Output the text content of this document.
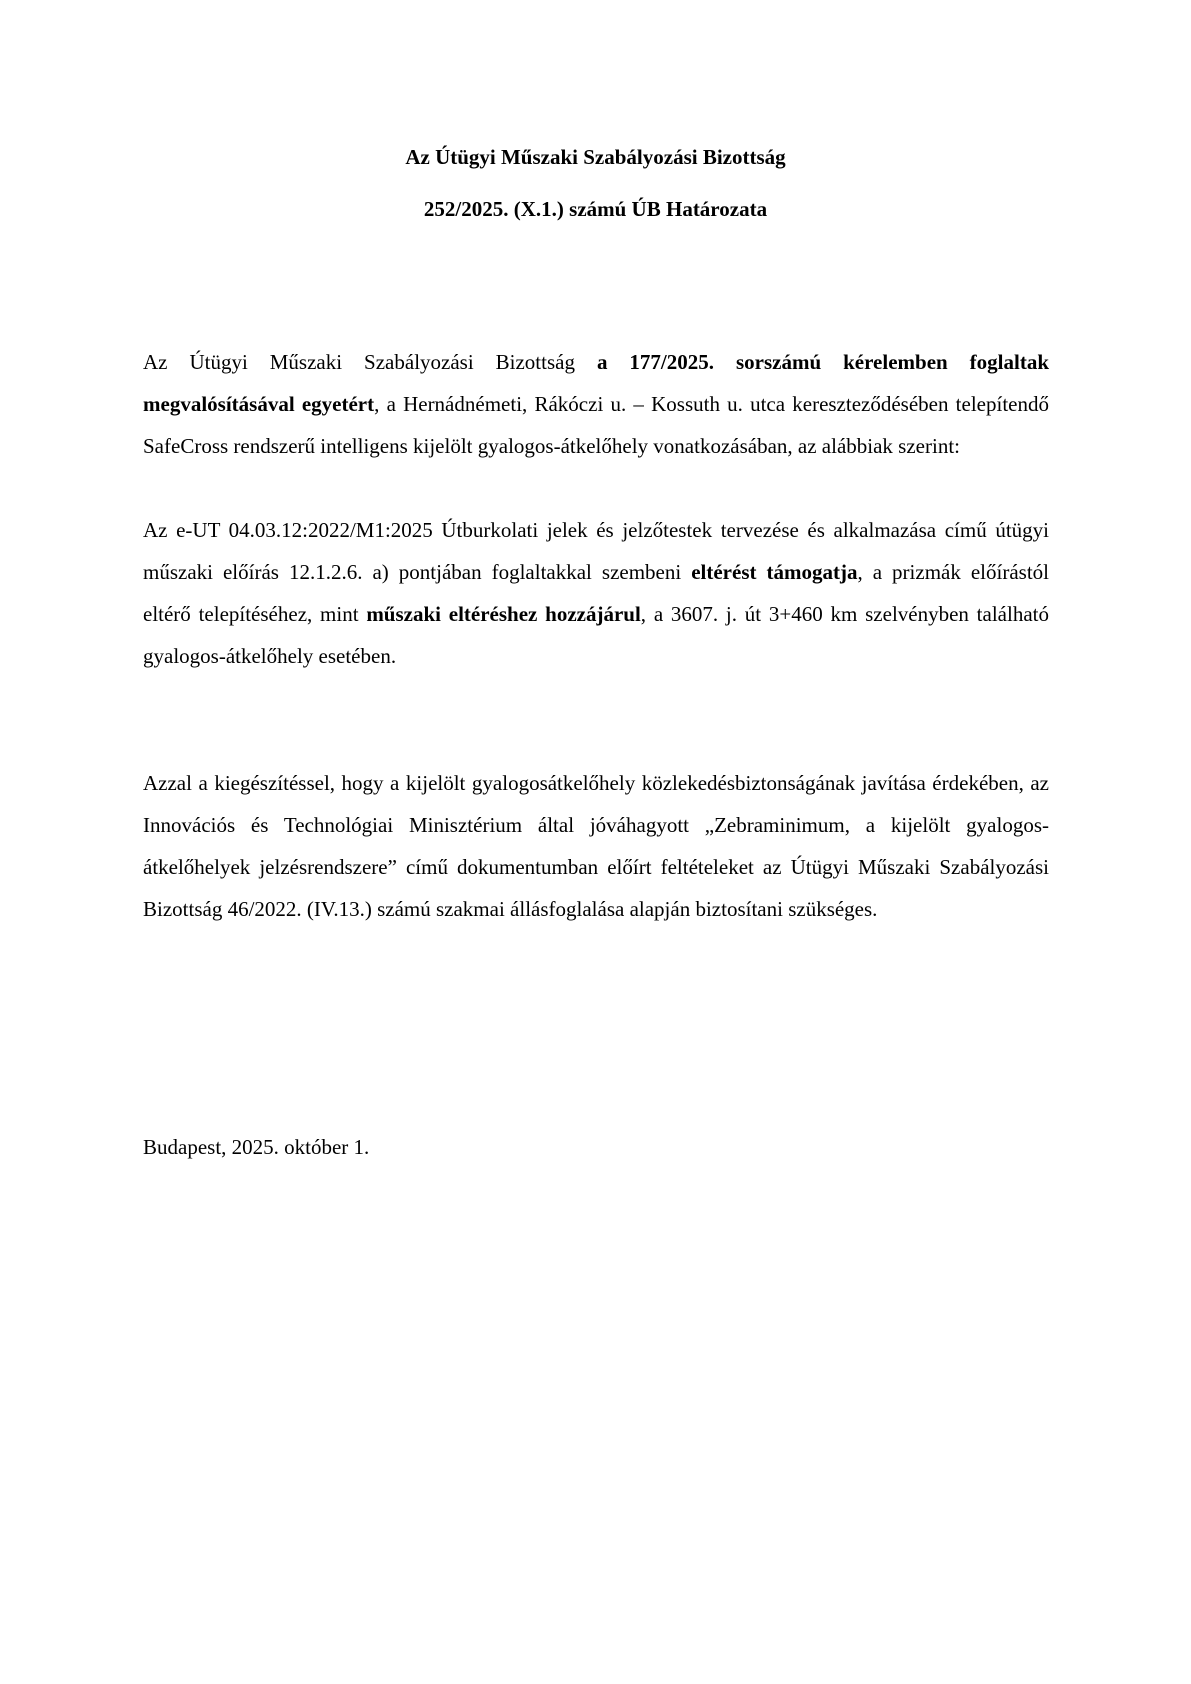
Az Útügyi Műszaki Szabályozási Bizottság

252/2025. (X.1.) számú ÚB Határozata

Az Útügyi Műszaki Szabályozási Bizottság a 177/2025. sorszámú kérelemben foglaltak megvalósításával egyetért, a Hernádnémeti, Rákóczi u. – Kossuth u. utca kereszteződésében telepítendő SafeCross rendszerű intelligens kijelölt gyalogos-átkelőhely vonatkozásában, az alábbiak szerint:

Az e-UT 04.03.12:2022/M1:2025 Útburkolati jelek és jelzőtestek tervezése és alkalmazása című útügyi műszaki előírás 12.1.2.6. a) pontjában foglaltakkal szembeni eltérést támogatja, a prizmák előírástól eltérő telepítéséhez, mint műszaki eltéréshez hozzájárul, a 3607. j. út 3+460 km szelvényben található gyalogos-átkelőhely esetében.

Azzal a kiegészítéssel, hogy a kijelölt gyalogosátkelőhely közlekedésbiztonságának javítása érdekében, az Innovációs és Technológiai Minisztérium által jóváhagyott „Zebraminimum, a kijelölt gyalogos-átkelőhelyek jelzésrendszere” című dokumentumban előírt feltételeket az Útügyi Műszaki Szabályozási Bizottság 46/2022. (IV.13.) számú szakmai állásfoglalása alapján biztosítani szükséges.

Budapest, 2025. október 1.
